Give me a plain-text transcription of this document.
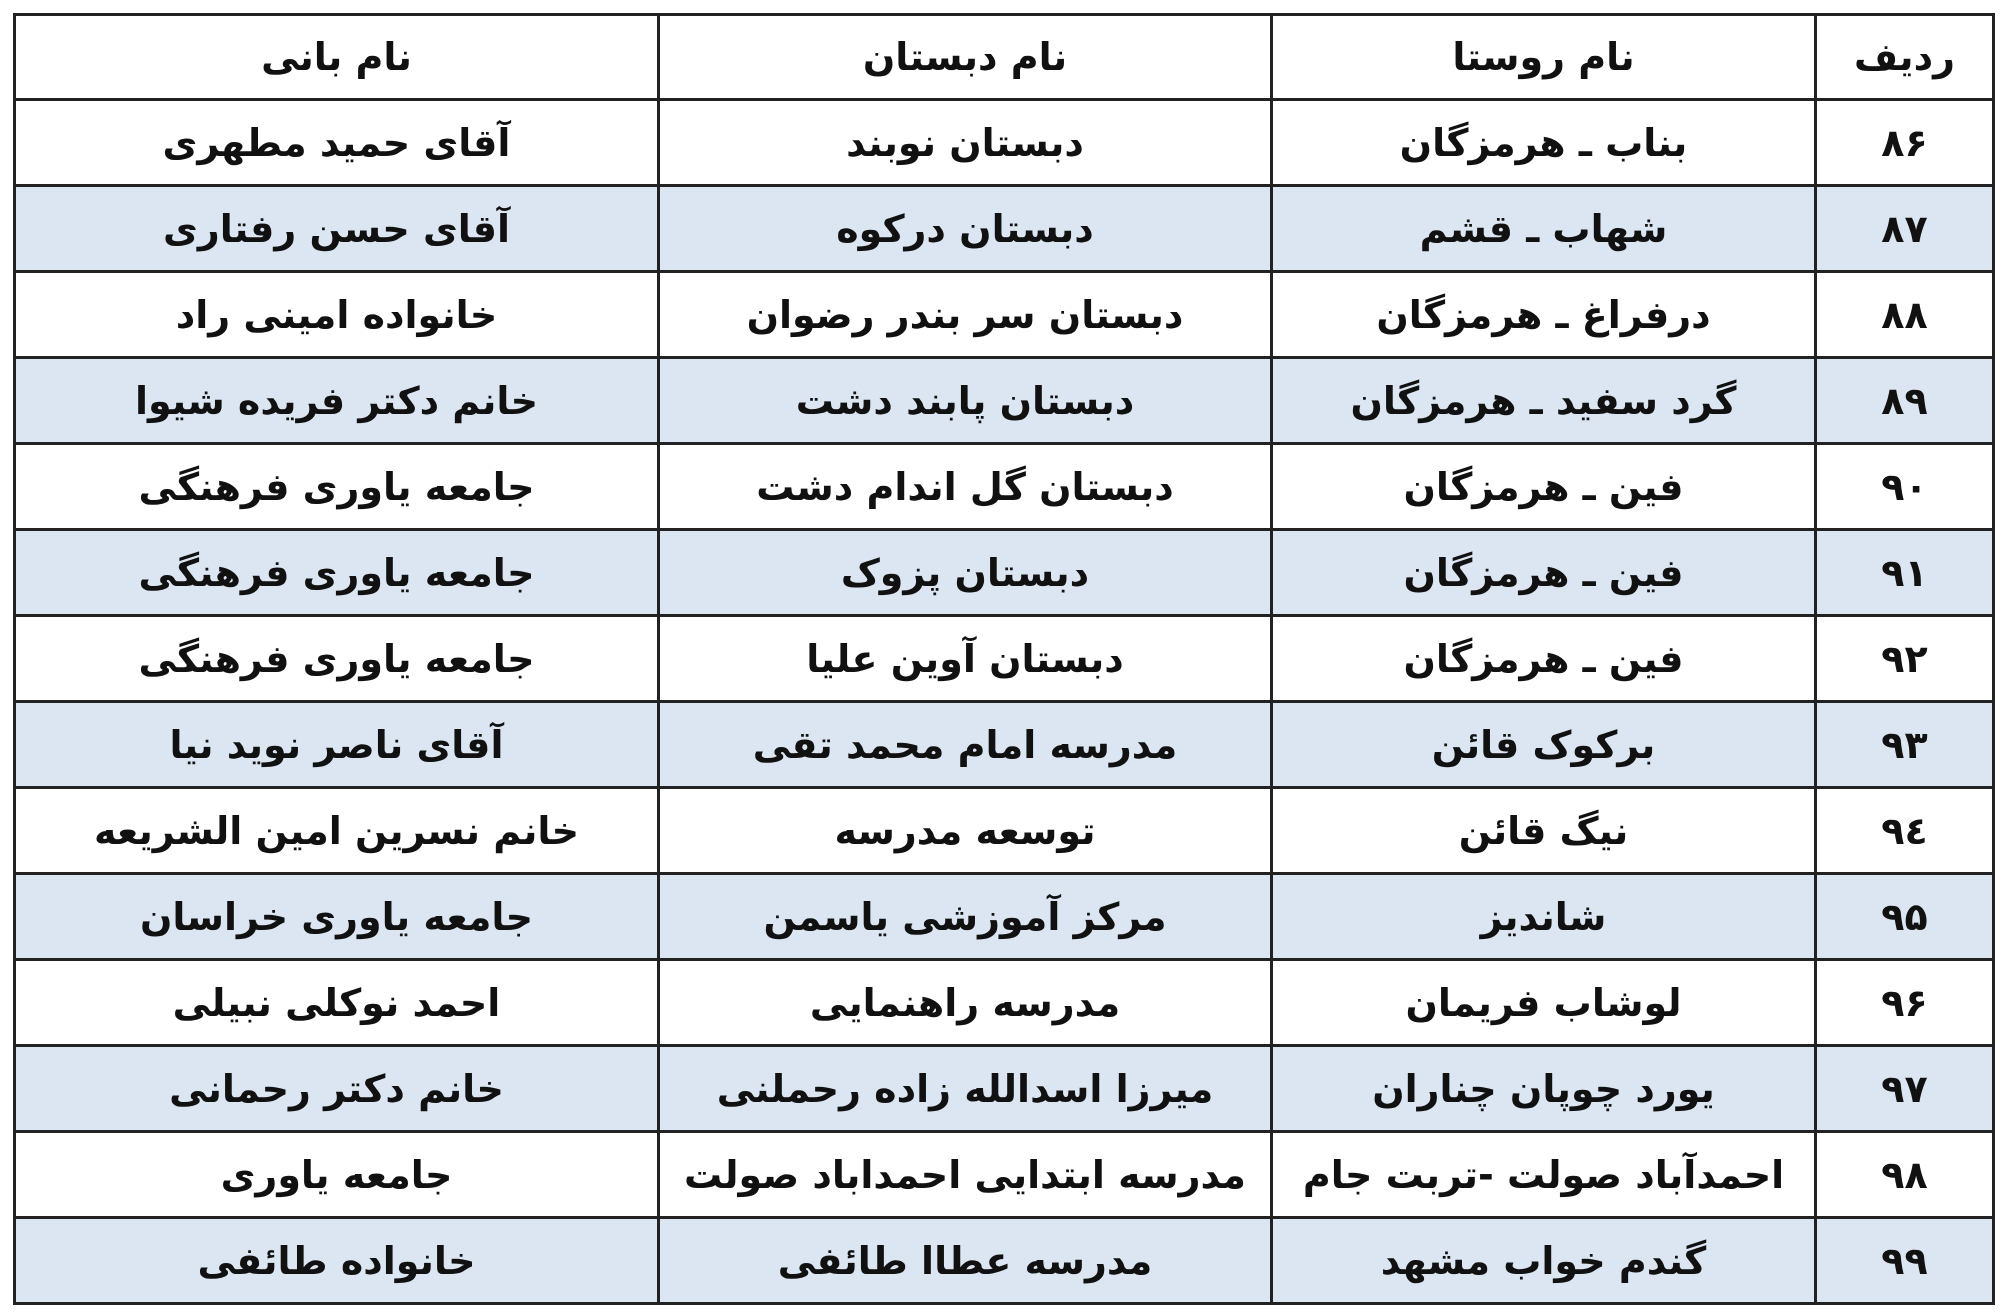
ردیف	نام روستا	نام دبستان	نام بانی
۸۶	بناب ـ هرمزگان	دبستان نوبند	آقای حمید مطهری
۸۷	شهاب ـ قشم	دبستان درکوه	آقای حسن رفتاری
۸۸	درفراغ ـ هرمزگان	دبستان سر بندر رضوان	خانواده امینی راد
۸۹	گرد سفید ـ هرمزگان	دبستان پابند دشت	خانم دکتر فریده شیوا
۹۰	فین ـ هرمزگان	دبستان گل اندام دشت	جامعه یاوری فرهنگی
۹۱	فین ـ هرمزگان	دبستان پزوک	جامعه یاوری فرهنگی
۹۲	فین ـ هرمزگان	دبستان آوین علیا	جامعه یاوری فرهنگی
۹۳	برکوک قائن	مدرسه امام محمد تقی	آقای ناصر نوید نیا
۹٤	نیگ قائن	توسعه مدرسه	خانم نسرین امین الشریعه
۹۵	شاندیز	مرکز آموزشی یاسمن	جامعه یاوری خراسان
۹۶	لوشاب فریمان	مدرسه راهنمایی	احمد نوکلی نبیلی
۹۷	یورد چوپان چناران	میرزا اسدالله زاده رحملنی	خانم دکتر رحمانی
۹۸	احمدآباد صولت -تربت جام	مدرسه ابتدایی احمداباد صولت	جامعه یاوری
۹۹	گندم خواب مشهد	مدرسه عطاا طائفی	خانواده طائفی
